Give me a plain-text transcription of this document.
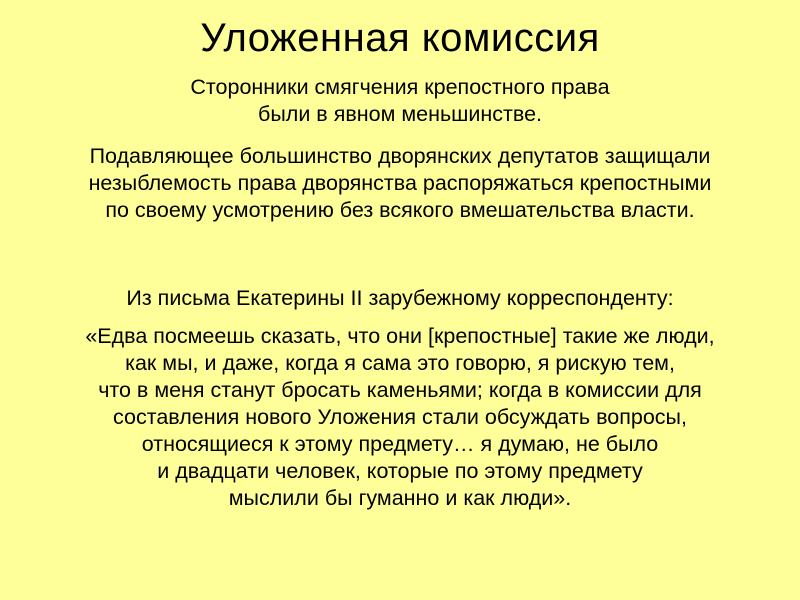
Уложенная комиссия

Сторонники смягчения крепостного права
были в явном меньшинстве.

Подавляющее большинство дворянских депутатов защищали
незыблемость права дворянства распоряжаться крепостными
по своему усмотрению без всякого вмешательства власти.

Из письма Екатерины II зарубежному корреспонденту:

«Едва посмеешь сказать, что они [крепостные] такие же люди,
как мы, и даже, когда я сама это говорю, я рискую тем,
что в меня станут бросать каменьями; когда в комиссии для
составления нового Уложения стали обсуждать вопросы,
относящиеся к этому предмету… я думаю, не было
и двадцати человек, которые по этому предмету
мыслили бы гуманно и как люди».
